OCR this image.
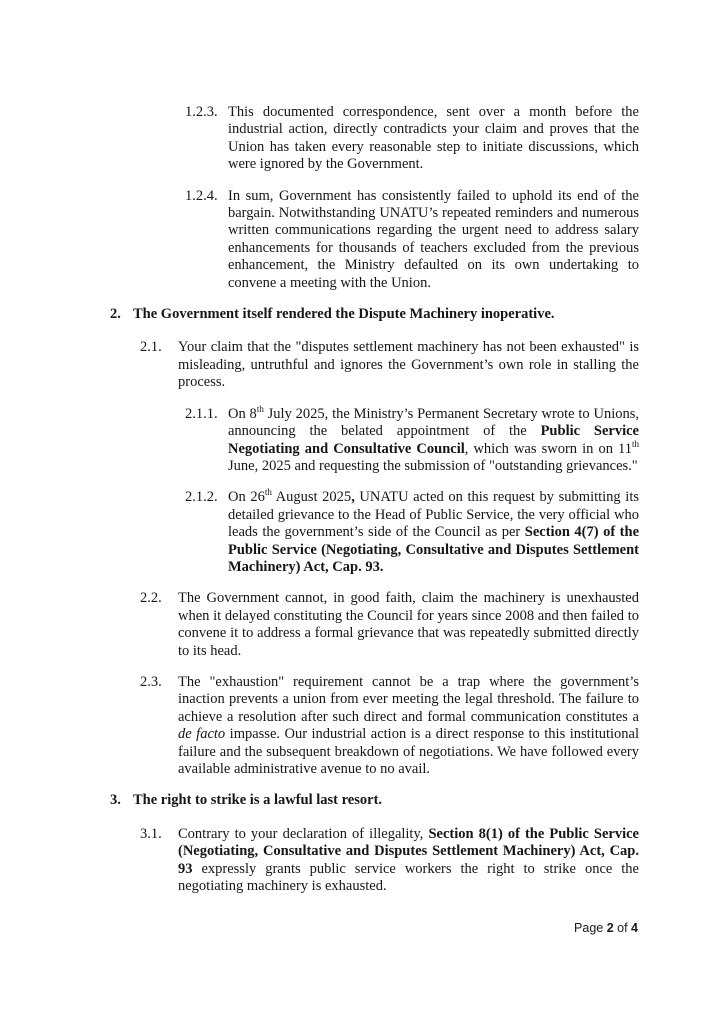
1.2.3. This documented correspondence, sent over a month before the industrial action, directly contradicts your claim and proves that the Union has taken every reasonable step to initiate discussions, which were ignored by the Government.
1.2.4. In sum, Government has consistently failed to uphold its end of the bargain. Notwithstanding UNATU’s repeated reminders and numerous written communications regarding the urgent need to address salary enhancements for thousands of teachers excluded from the previous enhancement, the Ministry defaulted on its own undertaking to convene a meeting with the Union.
2. The Government itself rendered the Dispute Machinery inoperative.
2.1.	Your claim that the "disputes settlement machinery has not been exhausted" is misleading, untruthful and ignores the Government’s own role in stalling the process.
2.1.1. On 8th July 2025, the Ministry’s Permanent Secretary wrote to Unions, announcing the belated appointment of the Public Service Negotiating and Consultative Council, which was sworn in on 11th June, 2025 and requesting the submission of "outstanding grievances."
2.1.2. On 26th August 2025, UNATU acted on this request by submitting its detailed grievance to the Head of Public Service, the very official who leads the government’s side of the Council as per Section 4(7) of the Public Service (Negotiating, Consultative and Disputes Settlement Machinery) Act, Cap. 93.
2.2.	The Government cannot, in good faith, claim the machinery is unexhausted when it delayed constituting the Council for years since 2008 and then failed to convene it to address a formal grievance that was repeatedly submitted directly to its head.
2.3.	The "exhaustion" requirement cannot be a trap where the government’s inaction prevents a union from ever meeting the legal threshold. The failure to achieve a resolution after such direct and formal communication constitutes a de facto impasse. Our industrial action is a direct response to this institutional failure and the subsequent breakdown of negotiations. We have followed every available administrative avenue to no avail.
3. The right to strike is a lawful last resort.
3.1.	Contrary to your declaration of illegality, Section 8(1) of the Public Service (Negotiating, Consultative and Disputes Settlement Machinery) Act, Cap. 93 expressly grants public service workers the right to strike once the negotiating machinery is exhausted.
Page 2 of 4
